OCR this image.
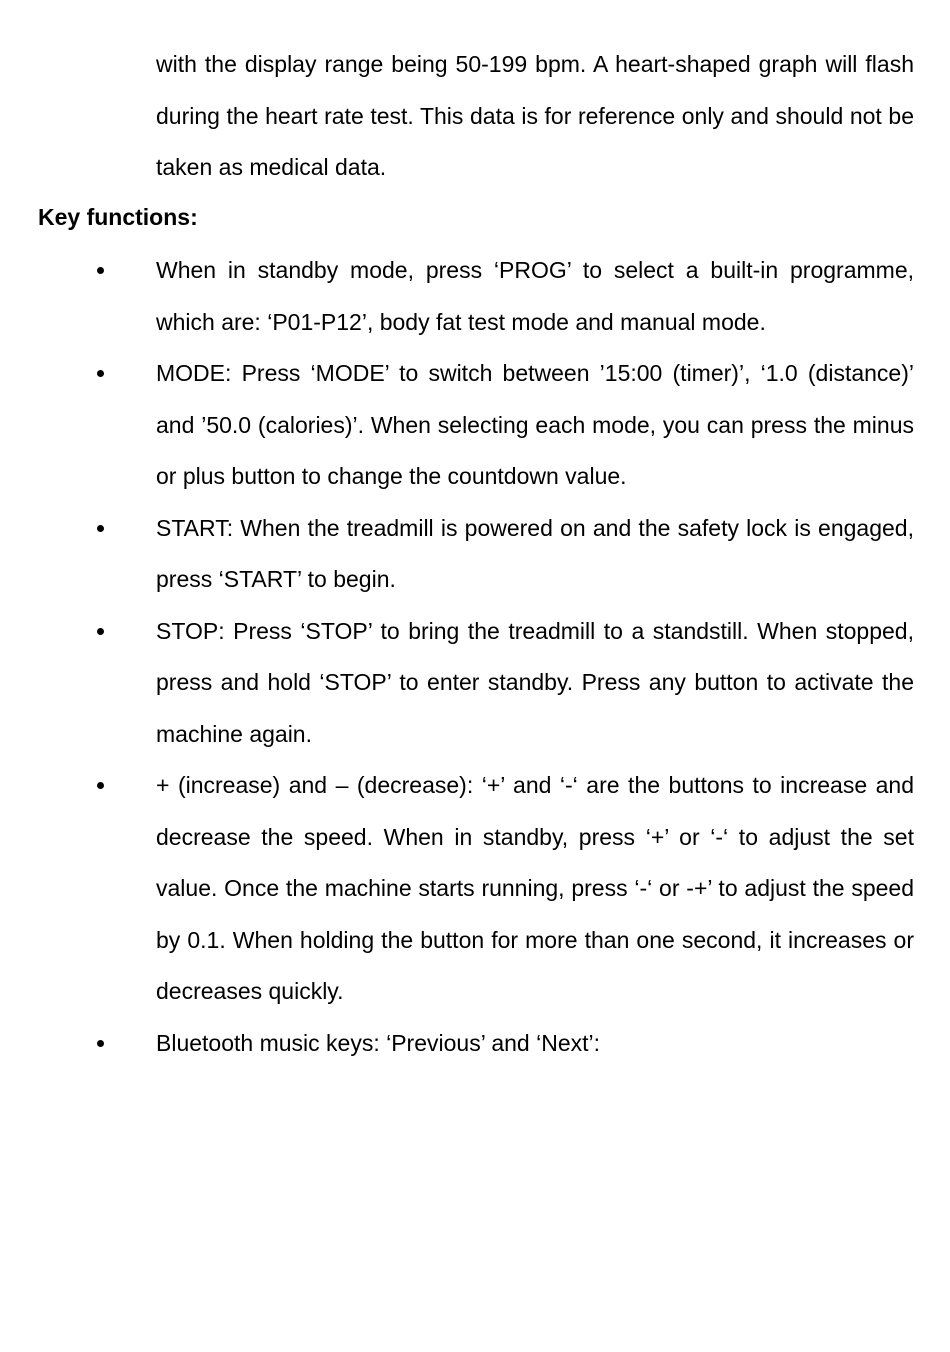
with the display range being 50-199 bpm. A heart-shaped graph will flash during the heart rate test. This data is for reference only and should not be taken as medical data.

Key functions:
When in standby mode, press ‘PROG’ to select a built-in programme, which are: ‘P01-P12’, body fat test mode and manual mode.
MODE: Press ‘MODE’ to switch between ’15:00 (timer)’, ‘1.0 (distance)’ and ’50.0 (calories)’. When selecting each mode, you can press the minus or plus button to change the countdown value.
START: When the treadmill is powered on and the safety lock is engaged, press ‘START’ to begin.
STOP: Press ‘STOP’ to bring the treadmill to a standstill. When stopped, press and hold ‘STOP’ to enter standby. Press any button to activate the machine again.
+ (increase) and – (decrease): ‘+’ and ‘-‘ are the buttons to increase and decrease the speed. When in standby, press ‘+’ or ‘-‘ to adjust the set value. Once the machine starts running, press ‘-‘ or -+’ to adjust the speed by 0.1. When holding the button for more than one second, it increases or decreases quickly.
Bluetooth music keys: ‘Previous’ and ‘Next’:
